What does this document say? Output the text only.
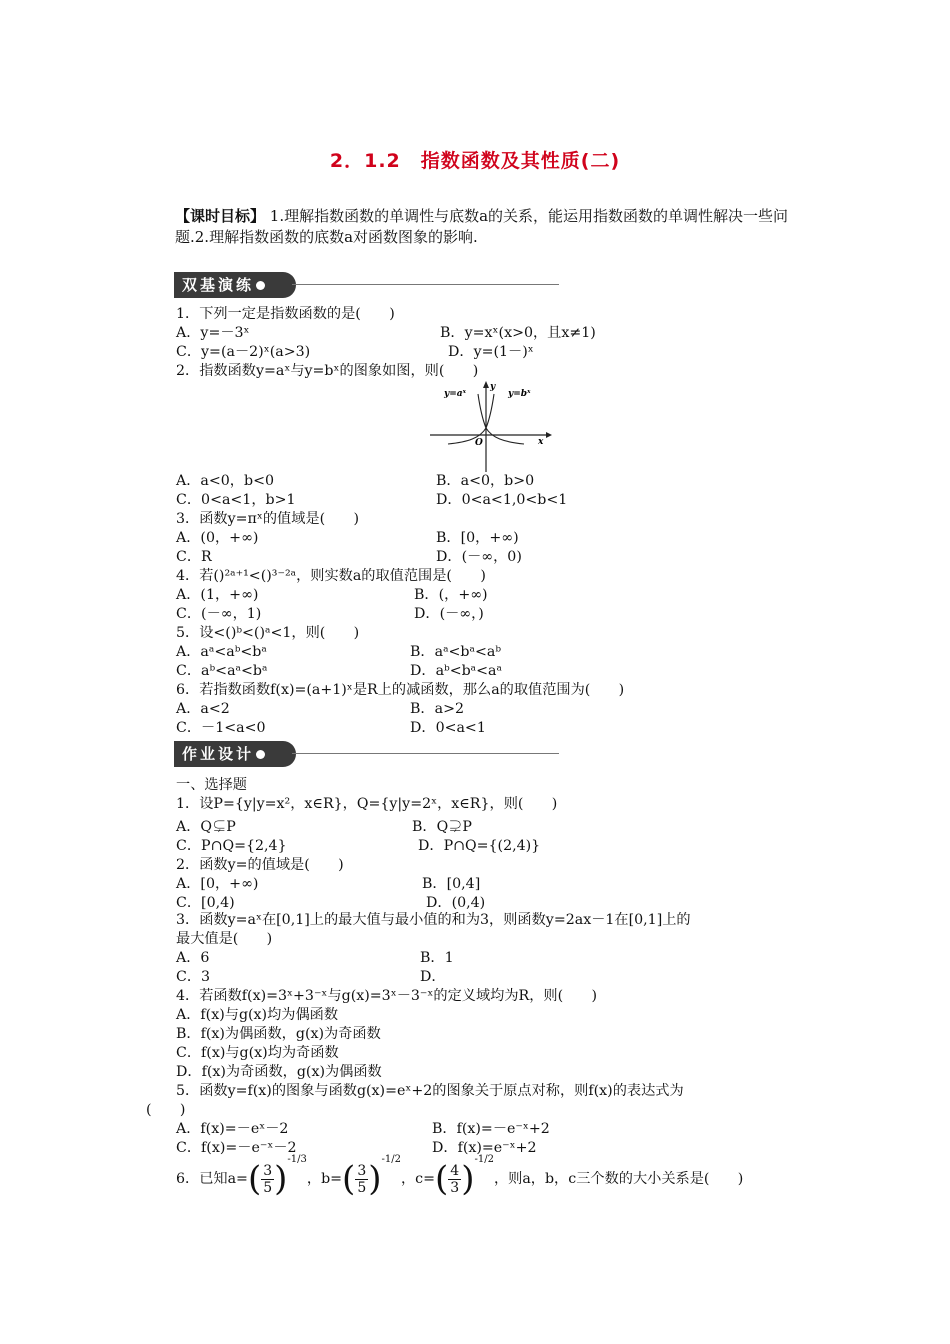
2．1.2　指数函数及其性质(二)
【课时目标】 1.理解指数函数的单调性与底数a的关系，能运用指数函数的单调性解决一些问题.2.理解指数函数的底数a对函数图象的影响.
双基演练
作业设计
y=aˣ	y=bˣ
y
x
O
1．下列一定是指数函数的是(　　)
A．y=－3ˣ	B．y=xˣ(x>0，且x≠1)
C．y=(a－2)ˣ(a>3)	D．y=(1－)ˣ
2．指数函数y=aˣ与y=bˣ的图象如图，则(　　)
A．a<0，b<0	B．a<0，b>0
C．0<a<1，b>1	D．0<a<1,0<b<1
3．函数y=πˣ的值域是(　　)
A．(0，+∞)	B．[0，+∞)
C．R	D．(－∞，0)
4．若()²ᵃ⁺¹<()³⁻²ᵃ，则实数a的取值范围是(　　)
A．(1，+∞)	B．(，+∞)
C．(－∞，1)	D．(－∞，)
5．设<()ᵇ<()ᵃ<1，则(　　)
A．aᵃ<aᵇ<bᵃ	B．aᵃ<bᵃ<aᵇ
C．aᵇ<aᵃ<bᵃ	D．aᵇ<bᵃ<aᵃ
6．若指数函数f(x)=(a+1)ˣ是R上的减函数，那么a的取值范围为(　　)
A．a<2	B．a>2
C．－1<a<0	D．0<a<1
一、选择题
1．设P={y|y=x²，x∈R}，Q={y|y=2ˣ，x∈R}，则(　　)
A．Q⊊P	B．Q⊋P
C．P∩Q={2,4}	D．P∩Q={(2,4)}
2．函数y=的值域是(　　)
A．[0，+∞)	B．[0,4]
C．[0,4)	D．(0,4)
3．函数y=aˣ在[0,1]上的最大值与最小值的和为3，则函数y=2ax－1在[0,1]上的
最大值是(　　)
A．6	B．1
C．3	D．
4．若函数f(x)=3ˣ+3⁻ˣ与g(x)=3ˣ－3⁻ˣ的定义域均为R，则(　　)
A．f(x)与g(x)均为偶函数
B．f(x)为偶函数，g(x)为奇函数
C．f(x)与g(x)均为奇函数
D．f(x)为奇函数，g(x)为偶函数
5．函数y=f(x)的图象与函数g(x)=eˣ+2的图象关于原点对称，则f(x)的表达式为
(　　)
A．f(x)=－eˣ－2	B．f(x)=－e⁻ˣ+2
C．f(x)=－e⁻ˣ－2	D．f(x)=e⁻ˣ+2
6．已知$a=( \frac{3}{5} )-1/3$，$b=( \frac{3}{5} )-1/2$，$c=( \frac{4}{3} )-1/2$，则a，b，c三个数的大小关系是(　　)
